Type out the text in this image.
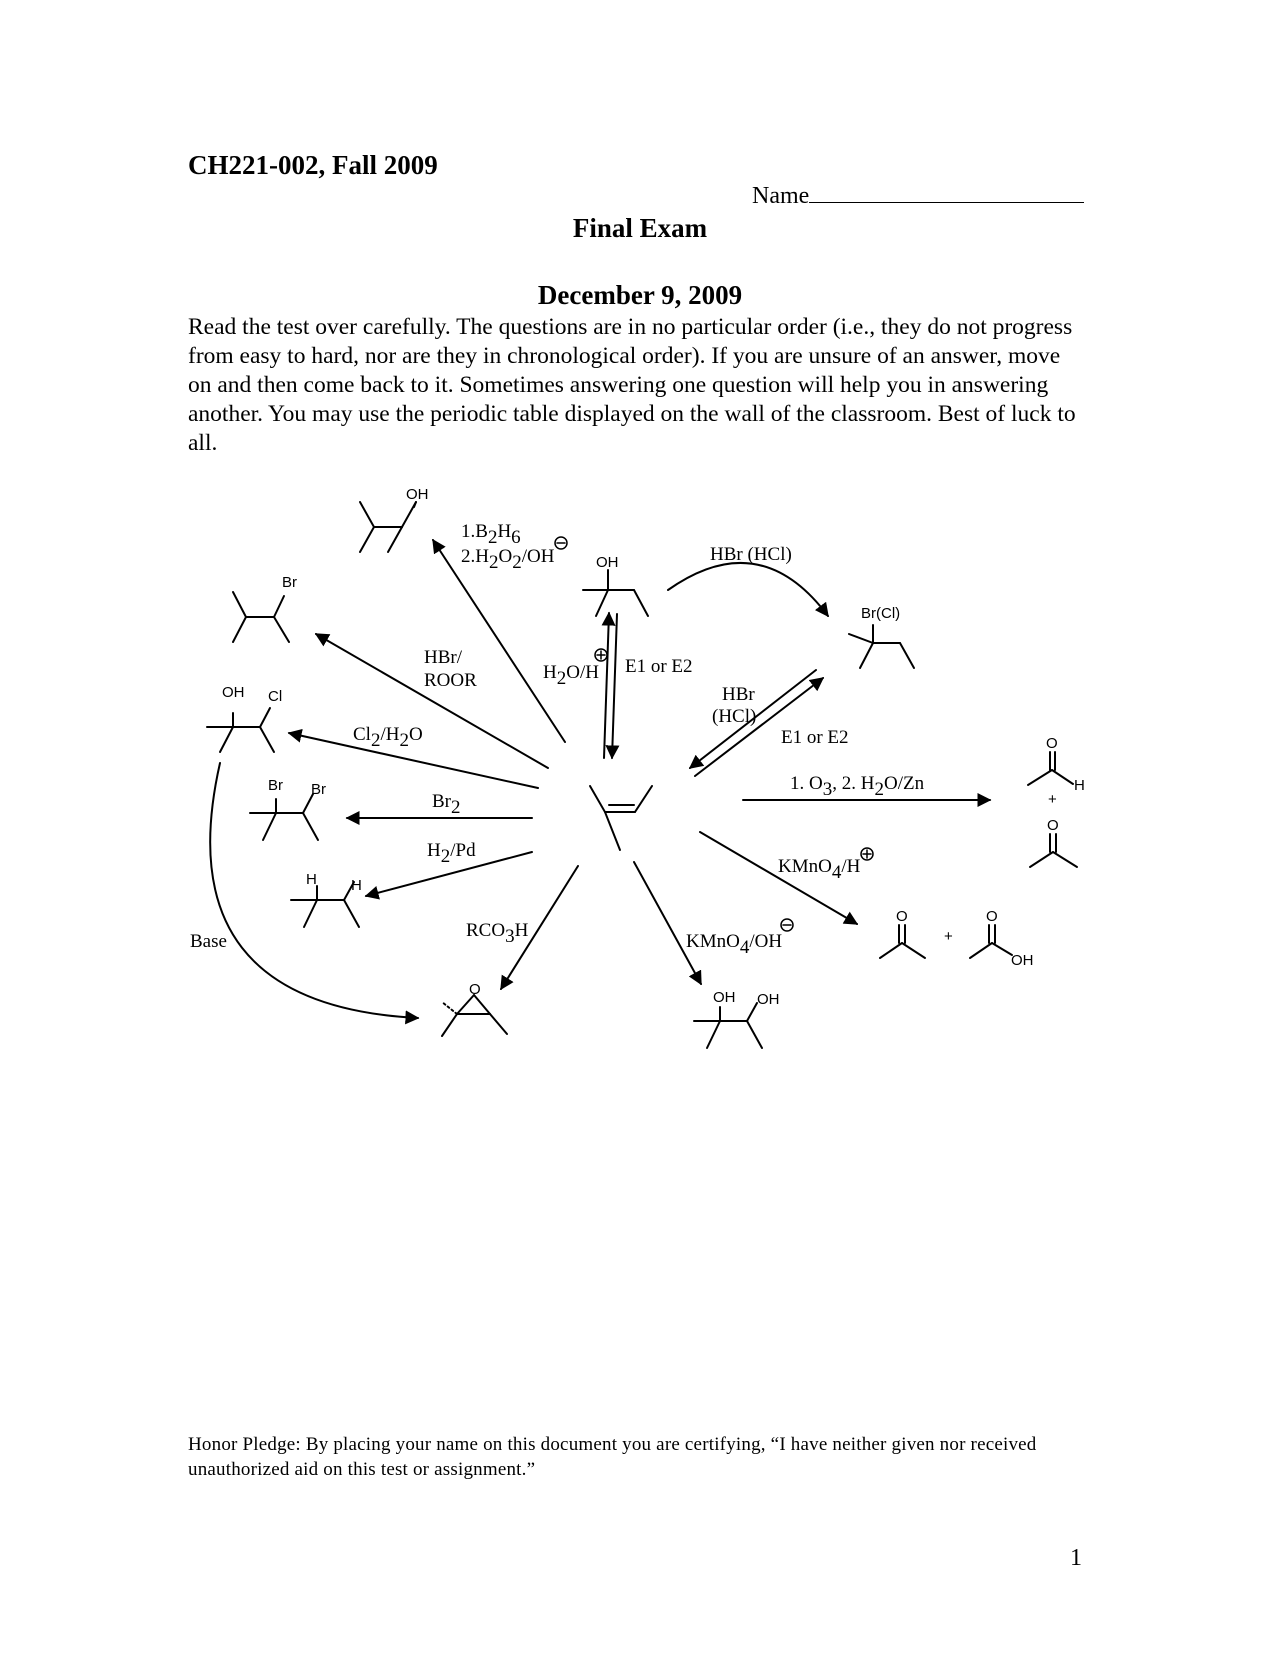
CH221-002, Fall 2009
Name
Final Exam
December 9, 2009
Read the test over carefully. The questions are in no particular order (i.e., they do not progress from easy to hard, nor are they in chronological order). If you are unsure of an answer, move on and then come back to it. Sometimes answering one question will help you in answering another. You may use the periodic table displayed on the wall of the classroom. Best of luck to all.
OH
Br
OH Cl
Br Br
H H
OH
Br(Cl)
O
H
+
O
O
+
O
OH
OH OH
O
1.B2H6
2.H2O2/OH
H2O/H E1 or E2
HBr (HCl)
HBr/
ROOR
HBr
(HCl)
E1 or E2
Cl2/H2O
Br2
1. O3, 2. H2O/Zn
H2/Pd
KMnO4/H
RCO3H
KMnO4/OH
Base
Honor Pledge: By placing your name on this document you are certifying, “I have neither given nor received unauthorized aid on this test or assignment.”
1
